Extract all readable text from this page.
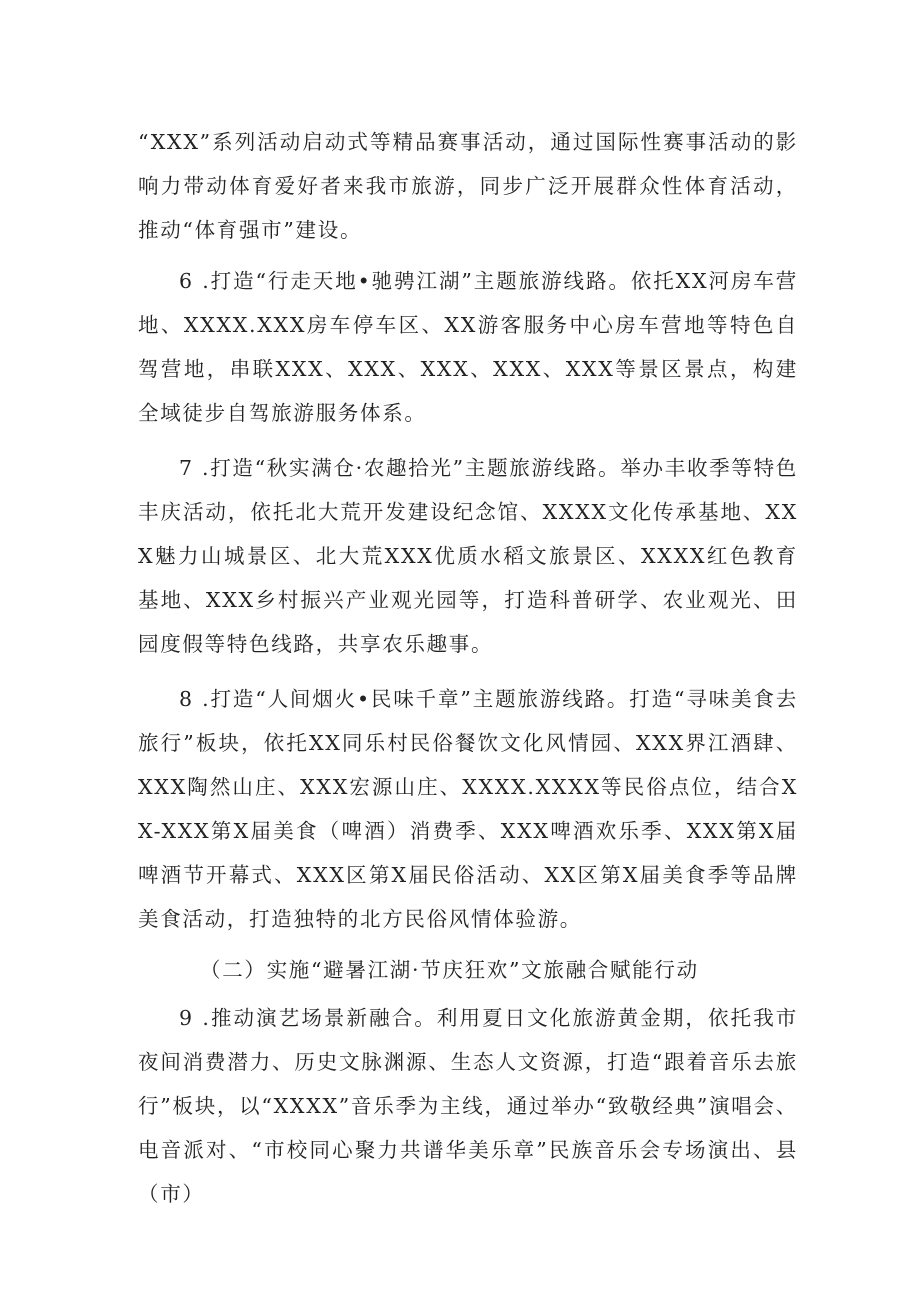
“XXX”系列活动启动式等精品赛事活动，通过国际性赛事活动的影响力带动体育爱好者来我市旅游，同步广泛开展群众性体育活动，推动“体育强市”建设。

6 .打造“行走天地•驰骋江湖”主题旅游线路。依托XX河房车营地、XXXX.XXX房车停车区、XX游客服务中心房车营地等特色自驾营地，串联XXX、XXX、XXX、XXX、XXX等景区景点，构建全域徒步自驾旅游服务体系。

7 .打造“秋实满仓·农趣拾光”主题旅游线路。举办丰收季等特色丰庆活动，依托北大荒开发建设纪念馆、XXXX文化传承基地、XXX魅力山城景区、北大荒XXX优质水稻文旅景区、XXXX红色教育基地、XXX乡村振兴产业观光园等，打造科普研学、农业观光、田园度假等特色线路，共享农乐趣事。

8 .打造“人间烟火•民味千章”主题旅游线路。打造“寻味美食去旅行”板块，依托XX同乐村民俗餐饮文化风情园、XXX界江酒肆、XXX陶然山庄、XXX宏源山庄、XXXX.XXXX等民俗点位，结合XX-XXX第X届美食（啤酒）消费季、XXX啤酒欢乐季、XXX第X届啤酒节开幕式、XXX区第X届民俗活动、XX区第X届美食季等品牌美食活动，打造独特的北方民俗风情体验游。

（二）实施“避暑江湖·节庆狂欢”文旅融合赋能行动

9 .推动演艺场景新融合。利用夏日文化旅游黄金期，依托我市夜间消费潜力、历史文脉渊源、生态人文资源，打造“跟着音乐去旅行”板块，以“XXXX”音乐季为主线，通过举办“致敬经典”演唱会、电音派对、“市校同心聚力共谱华美乐章”民族音乐会专场演出、县（市）
